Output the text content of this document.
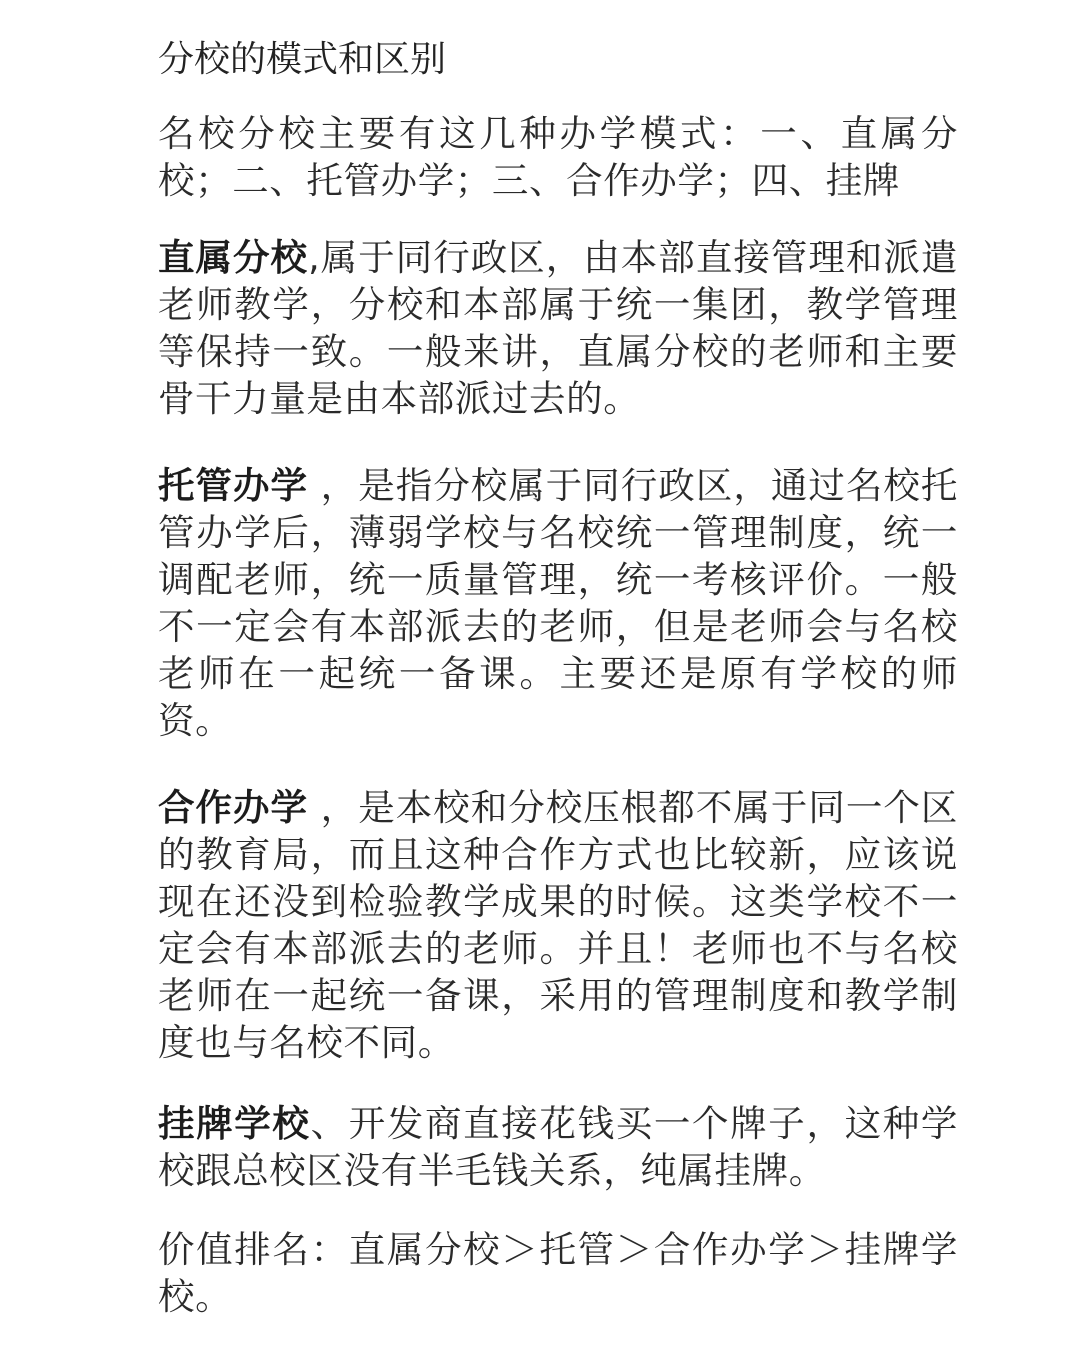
分校的模式和区别

名校分校主要有这几种办学模式：一、直属分校；二、托管办学；三、合作办学；四、挂牌

直属分校,属于同行政区，由本部直接管理和派遣老师教学，分校和本部属于统一集团，教学管理等保持一致。一般来讲，直属分校的老师和主要骨干力量是由本部派过去的。

托管办学 ，是指分校属于同行政区，通过名校托管办学后，薄弱学校与名校统一管理制度，统一调配老师，统一质量管理，统一考核评价。一般不一定会有本部派去的老师，但是老师会与名校老师在一起统一备课。主要还是原有学校的师资。

合作办学 ，是本校和分校压根都不属于同一个区的教育局，而且这种合作方式也比较新，应该说现在还没到检验教学成果的时候。这类学校不一定会有本部派去的老师。并且！老师也不与名校老师在一起统一备课，采用的管理制度和教学制度也与名校不同。

挂牌学校、开发商直接花钱买一个牌子，这种学校跟总校区没有半毛钱关系，纯属挂牌。

价值排名：直属分校＞托管＞合作办学＞挂牌学校。
